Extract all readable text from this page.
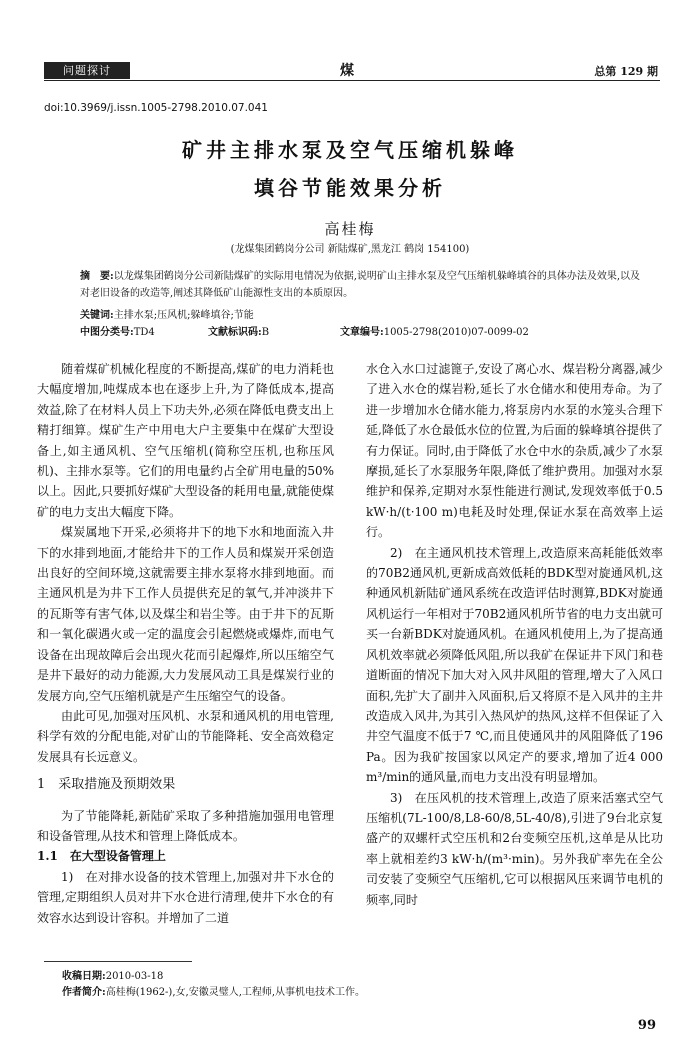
问题探讨	煤	总第 129 期
doi:10.3969/j.issn.1005-2798.2010.07.041
矿井主排水泵及空气压缩机躲峰
填谷节能效果分析
高桂梅
(龙煤集团鹤岗分公司 新陆煤矿,黑龙江 鹤岗 154100)
摘　要:以龙煤集团鹤岗分公司新陆煤矿的实际用电情况为依据,说明矿山主排水泵及空气压缩机躲峰填谷的具体办法及效果,以及对老旧设备的改造等,阐述其降低矿山能源性支出的本质原因。
关键词:主排水泵;压风机;躲峰填谷;节能
中图分类号:TD4	文献标识码:B	文章编号:1005-2798(2010)07-0099-02

随着煤矿机械化程度的不断提高,煤矿的电力消耗也大幅度增加,吨煤成本也在逐步上升,为了降低成本,提高效益,除了在材料人员上下功夫外,必须在降低电费支出上精打细算。煤矿生产中用电大户主要集中在煤矿大型设备上,如主通风机、空气压缩机(简称空压机,也称压风机)、主排水泵等。它们的用电量约占全矿用电量的50%以上。因此,只要抓好煤矿大型设备的耗用电量,就能使煤矿的电力支出大幅度下降。

煤炭属地下开采,必须将井下的地下水和地面流入井下的水排到地面,才能给井下的工作人员和煤炭开采创造出良好的空间环境,这就需要主排水泵将水排到地面。而主通风机是为井下工作人员提供充足的氧气,并冲淡井下的瓦斯等有害气体,以及煤尘和岩尘等。由于井下的瓦斯和一氧化碳遇火或一定的温度会引起燃烧或爆炸,而电气设备在出现故障后会出现火花而引起爆炸,所以压缩空气是井下最好的动力能源,大力发展风动工具是煤炭行业的发展方向,空气压缩机就是产生压缩空气的设备。

由此可见,加强对压风机、水泵和通风机的用电管理,科学有效的分配电能,对矿山的节能降耗、安全高效稳定发展具有长远意义。

1　采取措施及预期效果

为了节能降耗,新陆矿采取了多种措施加强用电管理和设备管理,从技术和管理上降低成本。

1.1　在大型设备管理上

1)　在对排水设备的技术管理上,加强对井下水仓的管理,定期组织人员对井下水仓进行清理,使井下水仓的有效容水达到设计容积。并增加了二道

水仓入水口过滤篦子,安设了离心水、煤岩粉分离器,减少了进入水仓的煤岩粉,延长了水仓储水和使用寿命。为了进一步增加水仓储水能力,将泵房内水泵的水笼头合理下延,降低了水仓最低水位的位置,为后面的躲峰填谷提供了有力保证。同时,由于降低了水仓中水的杂质,减少了水泵摩损,延长了水泵服务年限,降低了维护费用。加强对水泵维护和保养,定期对水泵性能进行测试,发现效率低于0.5 kW·h/(t·100 m)电耗及时处理,保证水泵在高效率上运行。

2)　在主通风机技术管理上,改造原来高耗能低效率的70B2通风机,更新成高效低耗的BDK型对旋通风机,这种通风机新陆矿通风系统在改造评估时测算,BDK对旋通风机运行一年相对于70B2通风机所节省的电力支出就可买一台新BDK对旋通风机。在通风机使用上,为了提高通风机效率就必须降低风阻,所以我矿在保证井下风门和巷道断面的情况下加大对入风井风阻的管理,增大了入风口面积,先扩大了副井入风面积,后又将原不是入风井的主井改造成入风井,为其引入热风炉的热风,这样不但保证了入井空气温度不低于7 ℃,而且使通风井的风阻降低了196 Pa。因为我矿按国家以风定产的要求,增加了近4 000 m³/min的通风量,而电力支出没有明显增加。

3)　在压风机的技术管理上,改造了原来活塞式空气压缩机(7L-100/8,L8-60/8,5L-40/8),引进了9台北京复盛产的双螺杆式空压机和2台变频空压机,这单是从比功率上就相差约3 kW·h/(m³·min)。另外我矿率先在全公司安装了变频空气压缩机,它可以根据风压来调节电机的频率,同时

收稿日期:2010-03-18
作者简介:高桂梅(1962-),女,安徽灵璧人,工程师,从事机电技术工作。
99
